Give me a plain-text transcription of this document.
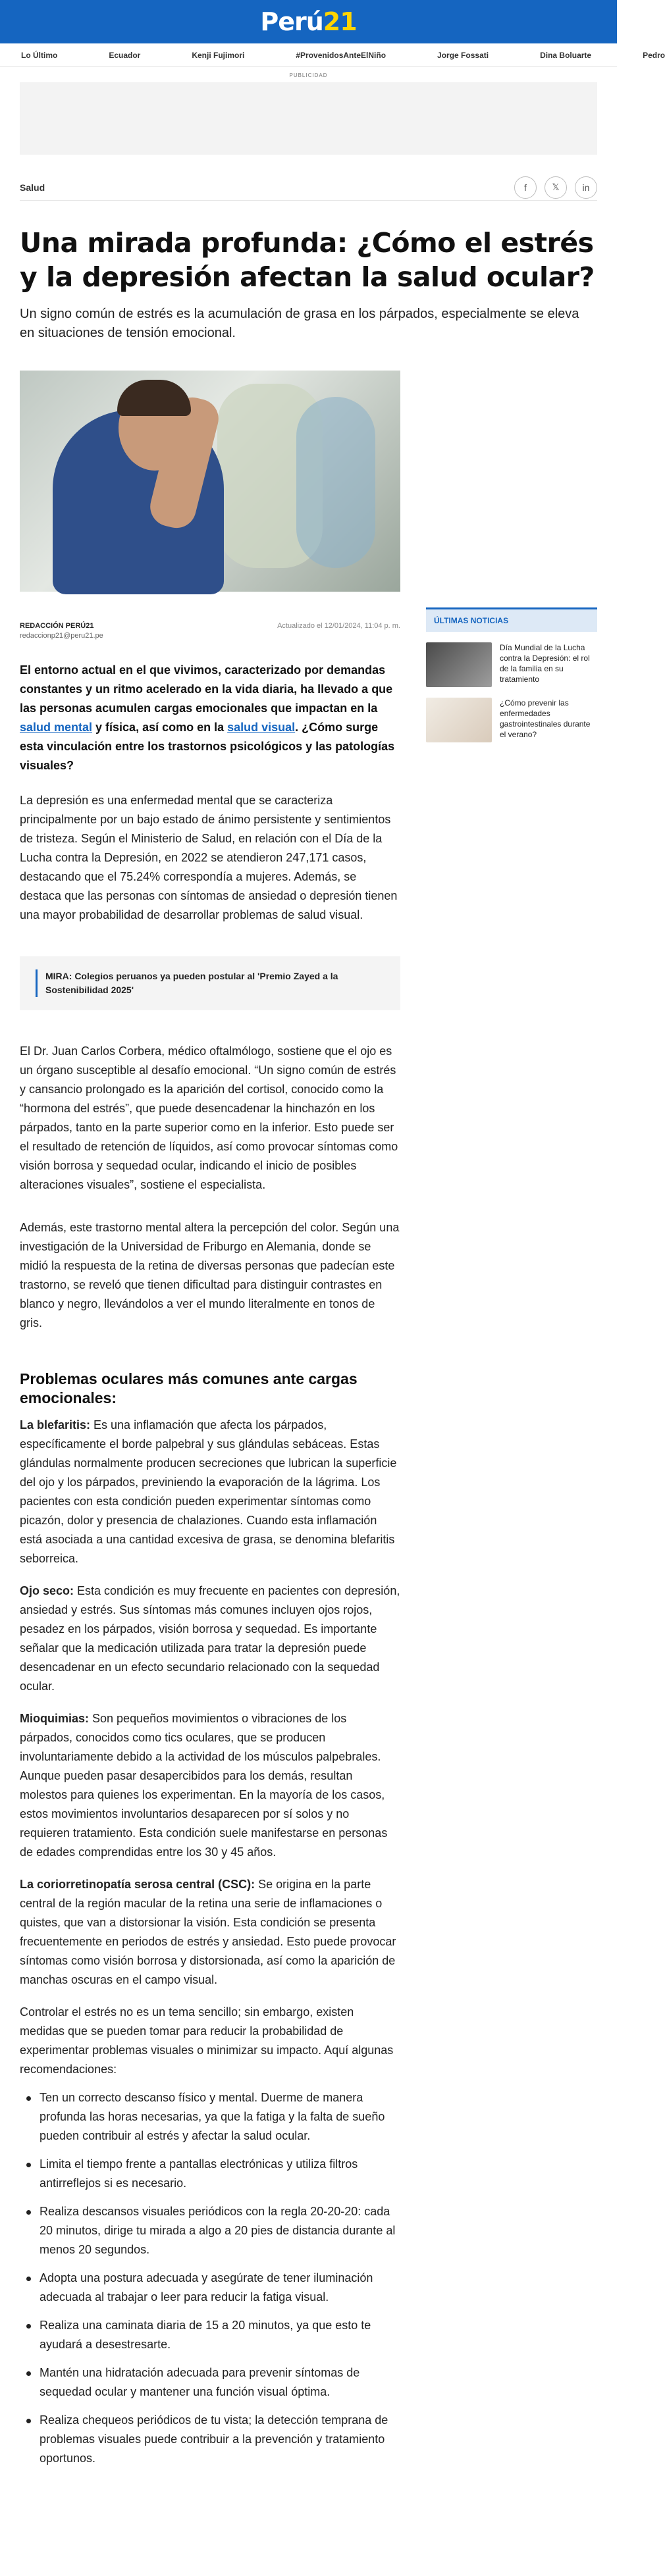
Perú21
Lo Último	Ecuador	Kenji Fujimori	#ProvenidosAnteElNiño	Jorge Fossati	Dina Boluarte	Pedro
PUBLICIDAD
Salud	f	𝕏	in
Una mirada profunda: ¿Cómo el estrés y la depresión afectan la salud ocular?

Un signo común de estrés es la acumulación de grasa en los párpados, especialmente se eleva en situaciones de tensión emocional.

REDACCIÓN PERÚ21
redaccionp21@peru21.pe
Actualizado el 12/01/2024, 11:04 p. m.

El entorno actual en el que vivimos, caracterizado por demandas constantes y un ritmo acelerado en la vida diaria, ha llevado a que las personas acumulen cargas emocionales que impactan en la salud mental y física, así como en la salud visual. ¿Cómo surge esta vinculación entre los trastornos psicológicos y las patologías visuales?

La depresión es una enfermedad mental que se caracteriza principalmente por un bajo estado de ánimo persistente y sentimientos de tristeza. Según el Ministerio de Salud, en relación con el Día de la Lucha contra la Depresión, en 2022 se atendieron 247,171 casos, destacando que el 75.24% correspondía a mujeres. Además, se destaca que las personas con síntomas de ansiedad o depresión tienen una mayor probabilidad de desarrollar problemas de salud visual.

MIRA: Colegios peruanos ya pueden postular al 'Premio Zayed a la Sostenibilidad 2025'

El Dr. Juan Carlos Corbera, médico oftalmólogo, sostiene que el ojo es un órgano susceptible al desafío emocional. “Un signo común de estrés y cansancio prolongado es la aparición del cortisol, conocido como la “hormona del estrés”, que puede desencadenar la hinchazón en los párpados, tanto en la parte superior como en la inferior. Esto puede ser el resultado de retención de líquidos, así como provocar síntomas como visión borrosa y sequedad ocular, indicando el inicio de posibles alteraciones visuales”, sostiene el especialista.

Además, este trastorno mental altera la percepción del color. Según una investigación de la Universidad de Friburgo en Alemania, donde se midió la respuesta de la retina de diversas personas que padecían este trastorno, se reveló que tienen dificultad para distinguir contrastes en blanco y negro, llevándolos a ver el mundo literalmente en tonos de gris.

Problemas oculares más comunes ante cargas emocionales:

La blefaritis: Es una inflamación que afecta los párpados, específicamente el borde palpebral y sus glándulas sebáceas. Estas glándulas normalmente producen secreciones que lubrican la superficie del ojo y los párpados, previniendo la evaporación de la lágrima. Los pacientes con esta condición pueden experimentar síntomas como picazón, dolor y presencia de chalaziones. Cuando esta inflamación está asociada a una cantidad excesiva de grasa, se denomina blefaritis seborreica.

Ojo seco: Esta condición es muy frecuente en pacientes con depresión, ansiedad y estrés. Sus síntomas más comunes incluyen ojos rojos, pesadez en los párpados, visión borrosa y sequedad. Es importante señalar que la medicación utilizada para tratar la depresión puede desencadenar en un efecto secundario relacionado con la sequedad ocular.

Mioquimias: Son pequeños movimientos o vibraciones de los párpados, conocidos como tics oculares, que se producen involuntariamente debido a la actividad de los músculos palpebrales. Aunque pueden pasar desapercibidos para los demás, resultan molestos para quienes los experimentan. En la mayoría de los casos, estos movimientos involuntarios desaparecen por sí solos y no requieren tratamiento. Esta condición suele manifestarse en personas de edades comprendidas entre los 30 y 45 años.

La coriorretinopatía serosa central (CSC): Se origina en la parte central de la región macular de la retina una serie de inflamaciones o quistes, que van a distorsionar la visión. Esta condición se presenta frecuentemente en periodos de estrés y ansiedad. Esto puede provocar síntomas como visión borrosa y distorsionada, así como la aparición de manchas oscuras en el campo visual.

Controlar el estrés no es un tema sencillo; sin embargo, existen medidas que se pueden tomar para reducir la probabilidad de experimentar problemas visuales o minimizar su impacto. Aquí algunas recomendaciones:

Ten un correcto descanso físico y mental. Duerme de manera profunda las horas necesarias, ya que la fatiga y la falta de sueño pueden contribuir al estrés y afectar la salud ocular.
Limita el tiempo frente a pantallas electrónicas y utiliza filtros antirreflejos si es necesario.
Realiza descansos visuales periódicos con la regla 20-20-20: cada 20 minutos, dirige tu mirada a algo a 20 pies de distancia durante al menos 20 segundos.
Adopta una postura adecuada y asegúrate de tener iluminación adecuada al trabajar o leer para reducir la fatiga visual.
Realiza una caminata diaria de 15 a 20 minutos, ya que esto te ayudará a desestresarte.
Mantén una hidratación adecuada para prevenir síntomas de sequedad ocular y mantener una función visual óptima.
Realiza chequeos periódicos de tu vista; la detección temprana de problemas visuales puede contribuir a la prevención y tratamiento oportunos.
ÚLTIMAS NOTICIAS
Día Mundial de la Lucha contra la Depresión: el rol de la familia en su tratamiento
¿Cómo prevenir las enfermedades gastrointestinales durante el verano?
